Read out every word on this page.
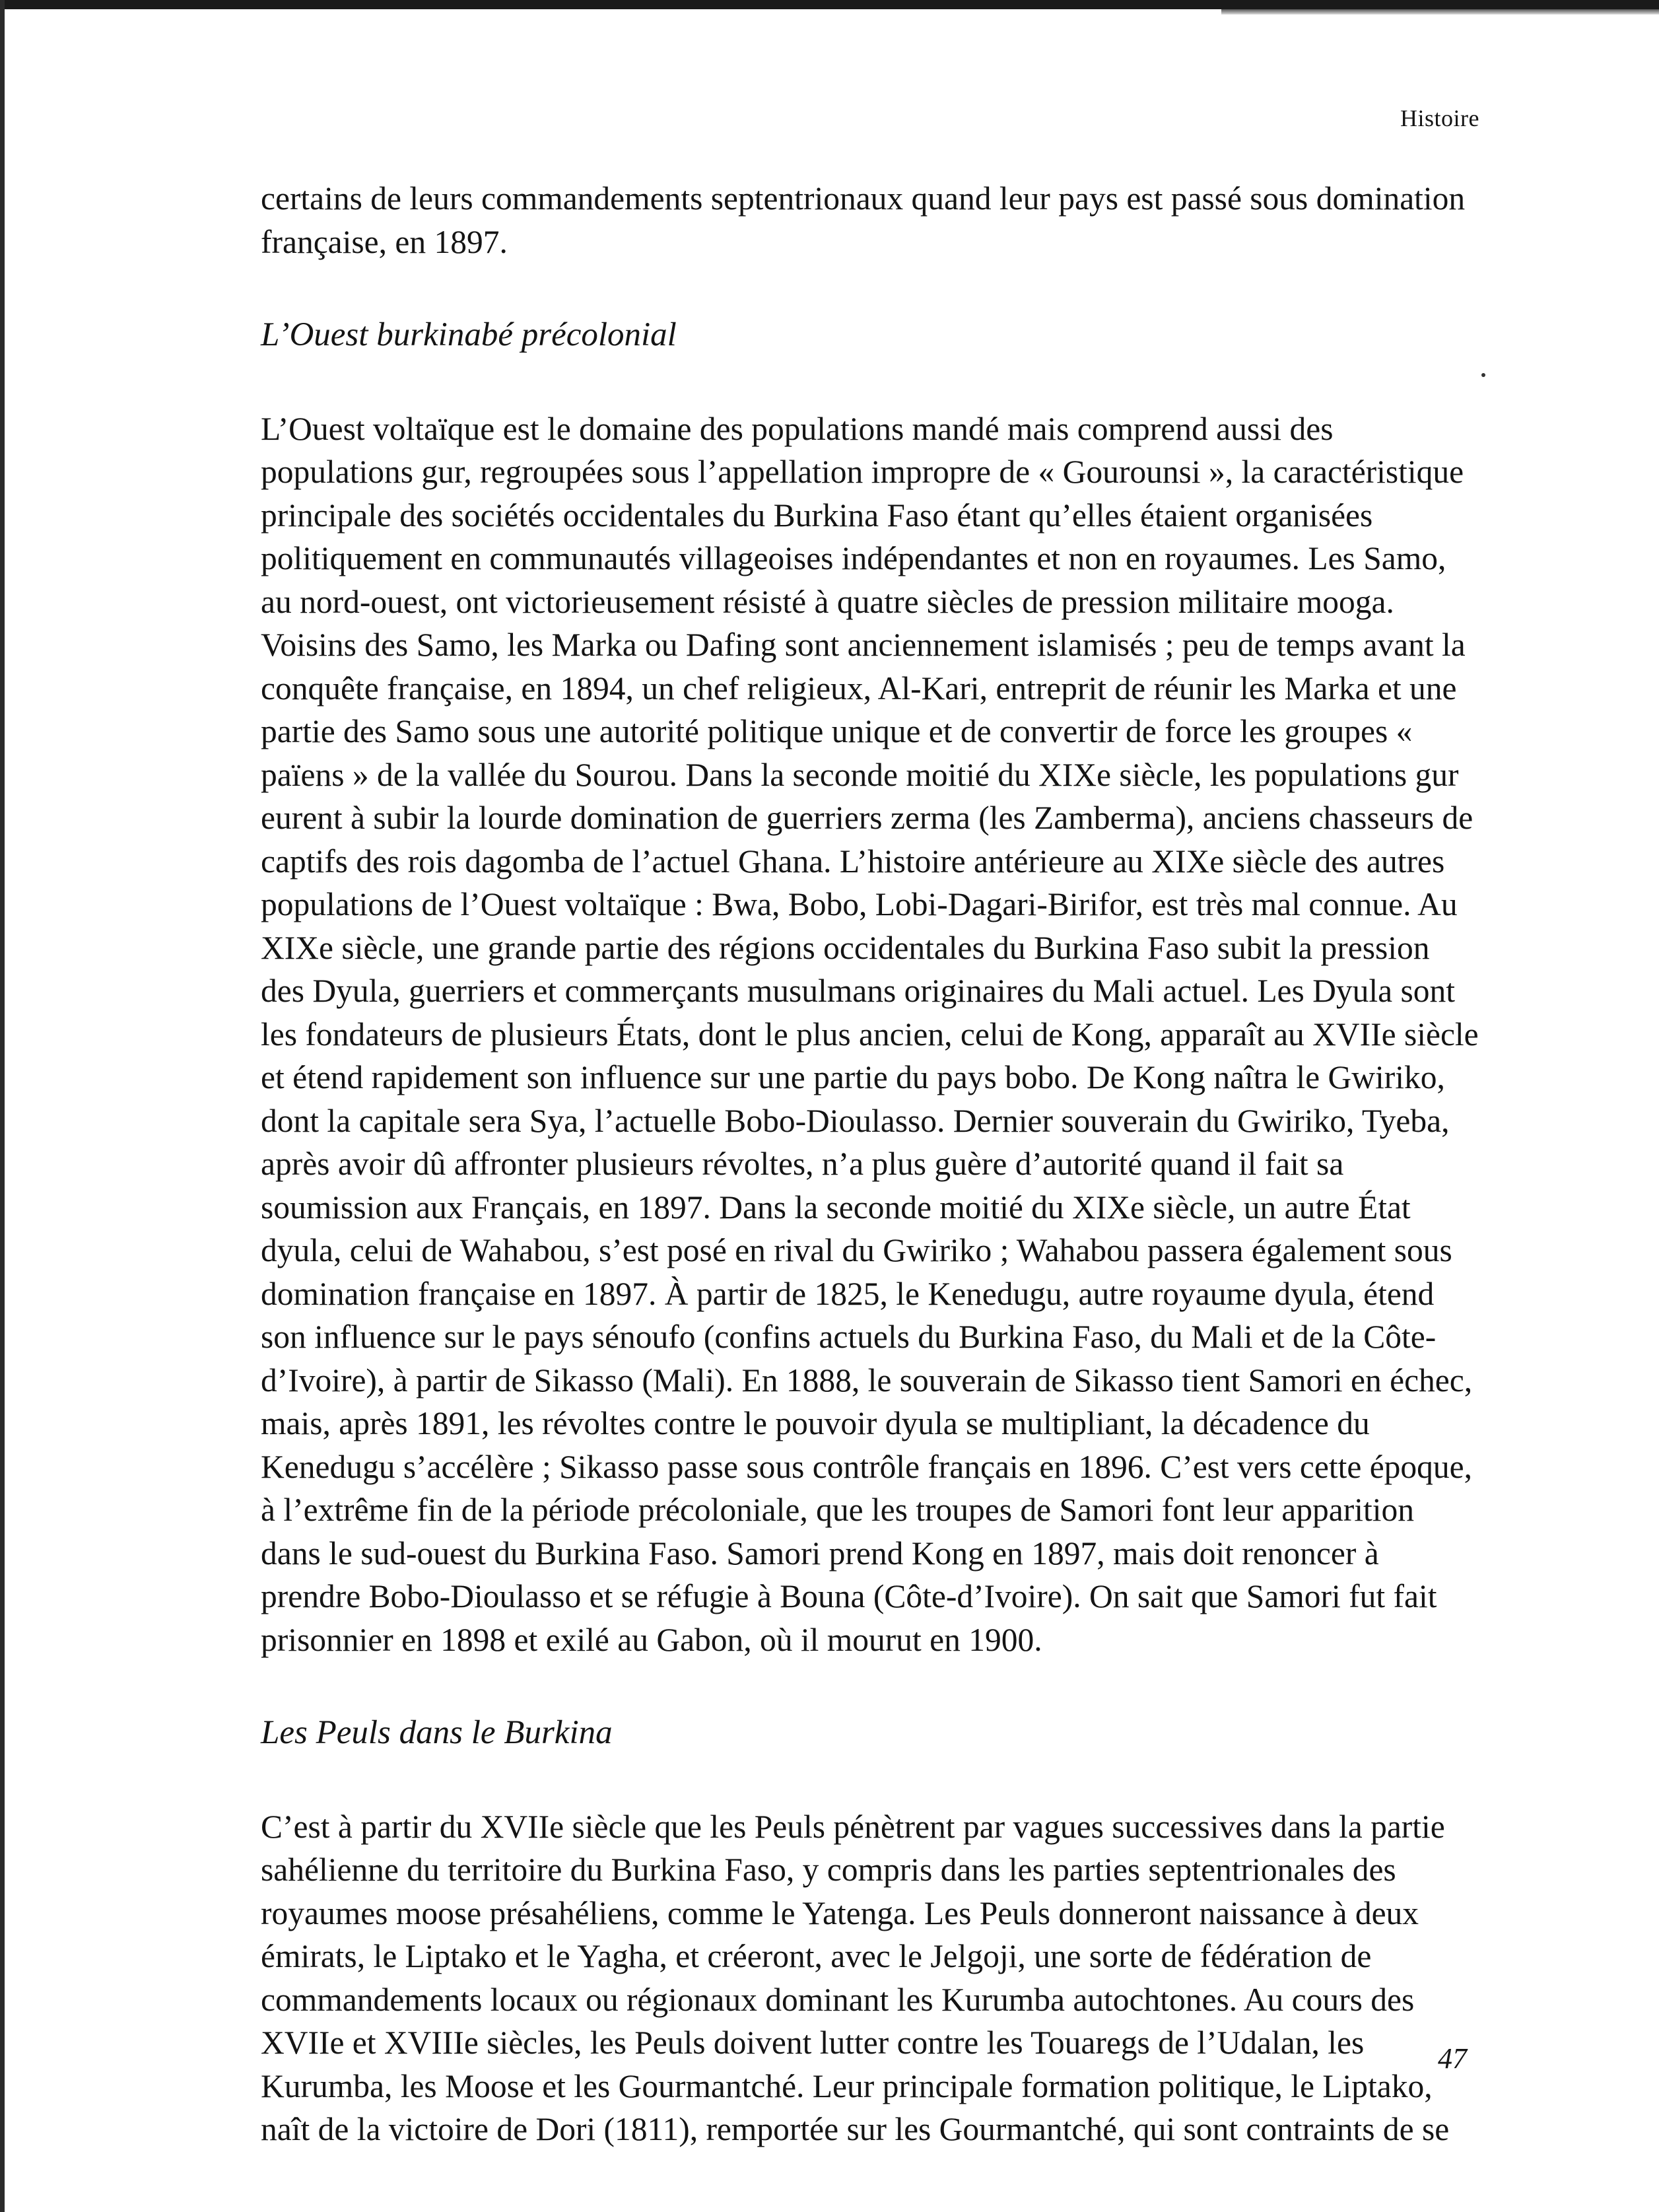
Histoire

certains de leurs commandements septentrionaux quand leur pays est passé sous domination française, en 1897.

L’Ouest burkinabé précolonial

L’Ouest voltaïque est le domaine des populations mandé mais comprend aussi des populations gur, regroupées sous l’appellation impropre de « Gourounsi », la caractéristique principale des sociétés occidentales du Burkina Faso étant qu’elles étaient organisées politiquement en communautés villageoises indépendantes et non en royaumes. Les Samo, au nord-ouest, ont victorieusement résisté à quatre siècles de pression militaire mooga. Voisins des Samo, les Marka ou Dafing sont anciennement islamisés ; peu de temps avant la conquête française, en 1894, un chef religieux, Al-Kari, entreprit de réunir les Marka et une partie des Samo sous une autorité politique unique et de convertir de force les groupes « païens » de la vallée du Sourou. Dans la seconde moitié du XIXe siècle, les populations gur eurent à subir la lourde domination de guerriers zerma (les Zamberma), anciens chasseurs de captifs des rois dagomba de l’actuel Ghana. L’histoire antérieure au XIXe siècle des autres populations de l’Ouest voltaïque : Bwa, Bobo, Lobi-Dagari-Birifor, est très mal connue. Au XIXe siècle, une grande partie des régions occidentales du Burkina Faso subit la pression des Dyula, guerriers et commerçants musulmans originaires du Mali actuel. Les Dyula sont les fondateurs de plusieurs États, dont le plus ancien, celui de Kong, apparaît au XVIIe siècle et étend rapidement son influence sur une partie du pays bobo. De Kong naîtra le Gwiriko, dont la capitale sera Sya, l’actuelle Bobo-Dioulasso. Dernier souverain du Gwiriko, Tyeba, après avoir dû affronter plusieurs révoltes, n’a plus guère d’autorité quand il fait sa soumission aux Français, en 1897. Dans la seconde moitié du XIXe siècle, un autre État dyula, celui de Wahabou, s’est posé en rival du Gwiriko ; Wahabou passera également sous domination française en 1897. À partir de 1825, le Kenedugu, autre royaume dyula, étend son influence sur le pays sénoufo (confins actuels du Burkina Faso, du Mali et de la Côte-d’Ivoire), à partir de Sikasso (Mali). En 1888, le souverain de Sikasso tient Samori en échec, mais, après 1891, les révoltes contre le pouvoir dyula se multipliant, la décadence du Kenedugu s’accélère ; Sikasso passe sous contrôle français en 1896. C’est vers cette époque, à l’extrême fin de la période précoloniale, que les troupes de Samori font leur apparition dans le sud-ouest du Burkina Faso. Samori prend Kong en 1897, mais doit renoncer à prendre Bobo-Dioulasso et se réfugie à Bouna (Côte-d’Ivoire). On sait que Samori fut fait prisonnier en 1898 et exilé au Gabon, où il mourut en 1900.

Les Peuls dans le Burkina

C’est à partir du XVIIe siècle que les Peuls pénètrent par vagues successives dans la partie sahélienne du territoire du Burkina Faso, y compris dans les parties septentrionales des royaumes moose présahéliens, comme le Yatenga. Les Peuls donneront naissance à deux émirats, le Liptako et le Yagha, et créeront, avec le Jelgoji, une sorte de fédération de commandements locaux ou régionaux dominant les Kurumba autochtones. Au cours des XVIIe et XVIIIe siècles, les Peuls doivent lutter contre les Touaregs de l’Udalan, les Kurumba, les Moose et les Gourmantché. Leur principale formation politique, le Liptako, naît de la victoire de Dori (1811), remportée sur les Gourmantché, qui sont contraints de se

47
